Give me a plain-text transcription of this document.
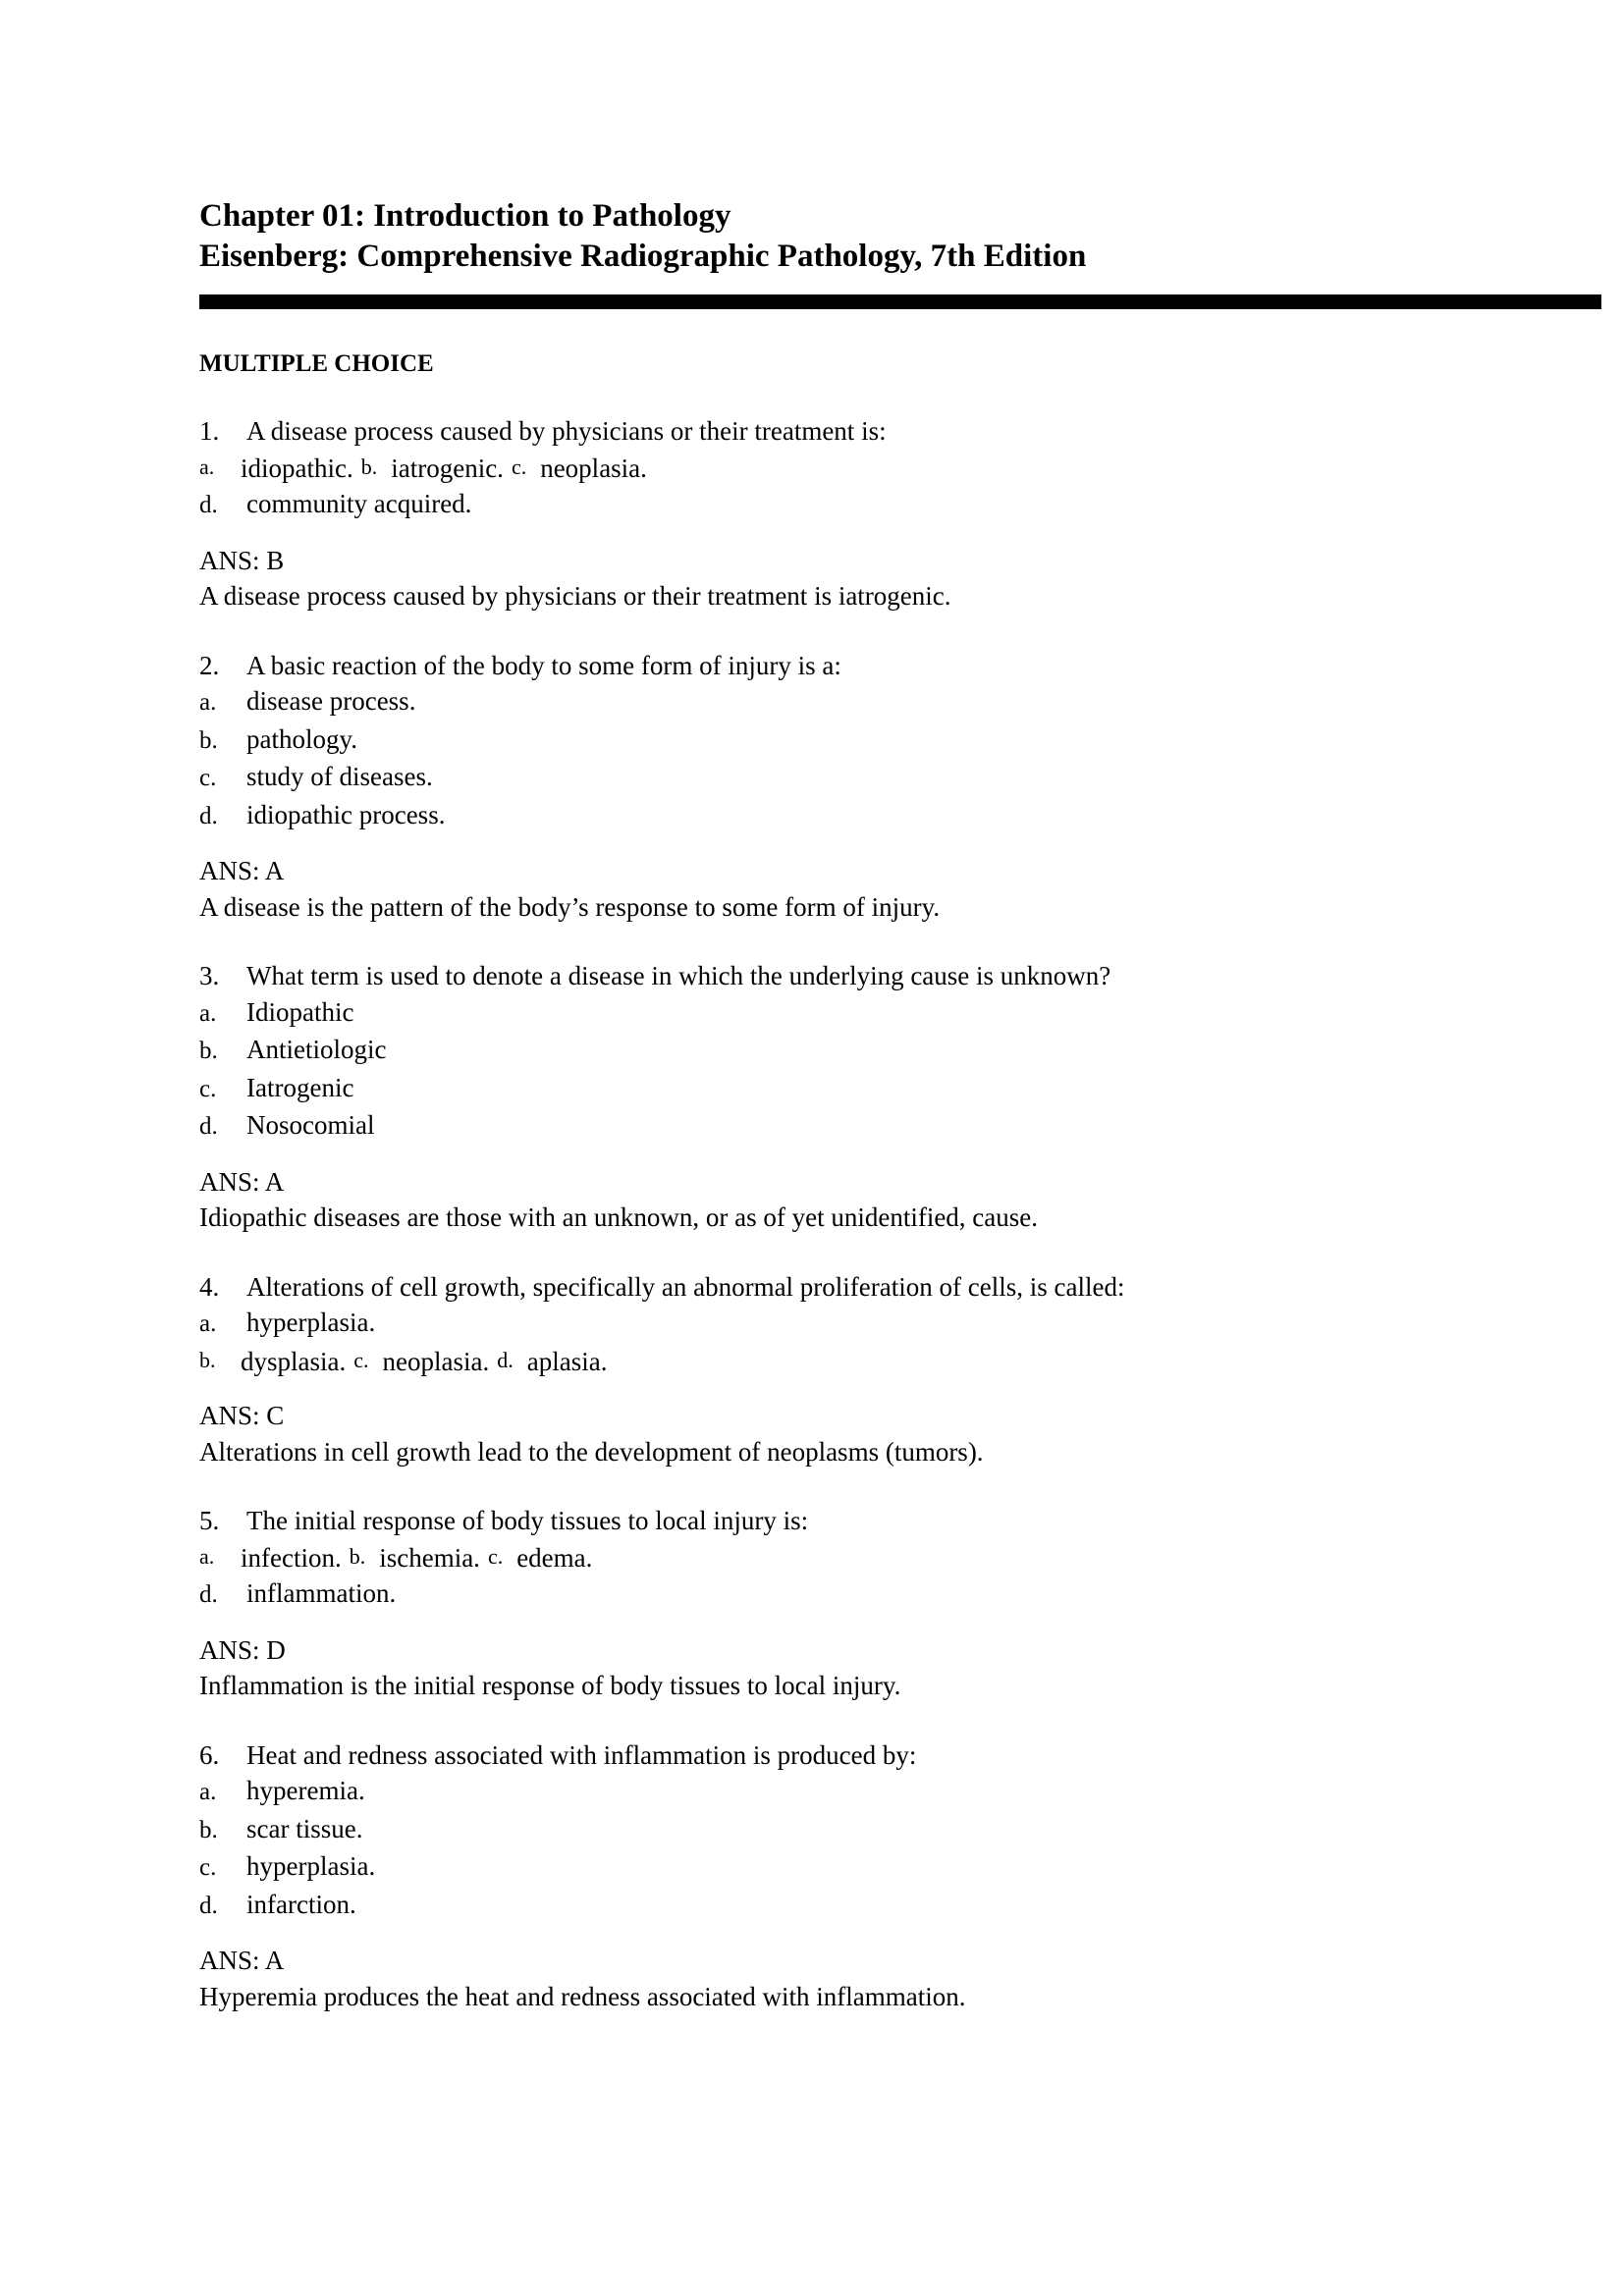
Chapter 01: Introduction to Pathology
Eisenberg: Comprehensive Radiographic Pathology, 7th Edition
MULTIPLE CHOICE
1. A disease process caused by physicians or their treatment is:
a. idiopathic. b. iatrogenic. c. neoplasia.
d. community acquired.
ANS: B
A disease process caused by physicians or their treatment is iatrogenic.
2. A basic reaction of the body to some form of injury is a:
a. disease process.
b. pathology.
c. study of diseases.
d. idiopathic process.
ANS: A
A disease is the pattern of the body’s response to some form of injury.
3. What term is used to denote a disease in which the underlying cause is unknown?
a. Idiopathic
b. Antietiologic
c. Iatrogenic
d. Nosocomial
ANS: A
Idiopathic diseases are those with an unknown, or as of yet unidentified, cause.
4. Alterations of cell growth, specifically an abnormal proliferation of cells, is called:
a. hyperplasia.
b. dysplasia. c. neoplasia. d. aplasia.
ANS: C
Alterations in cell growth lead to the development of neoplasms (tumors).
5. The initial response of body tissues to local injury is:
a. infection. b. ischemia. c. edema.
d. inflammation.
ANS: D
Inflammation is the initial response of body tissues to local injury.
6. Heat and redness associated with inflammation is produced by:
a. hyperemia.
b. scar tissue.
c. hyperplasia.
d. infarction.
ANS: A
Hyperemia produces the heat and redness associated with inflammation.
